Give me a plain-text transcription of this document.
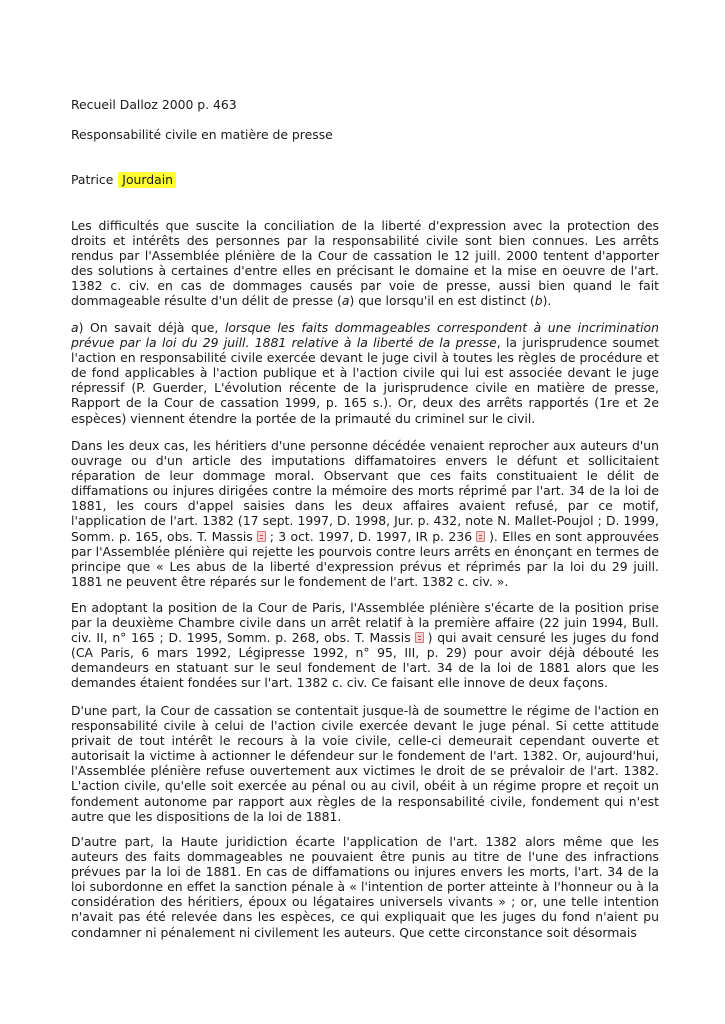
Recueil Dalloz 2000 p. 463
Responsabilité civile en matière de presse
Patrice Jourdain

Les difficultés que suscite la conciliation de la liberté d'expression avec la protection des droits et intérêts des personnes par la responsabilité civile sont bien connues. Les arrêts rendus par l'Assemblée plénière de la Cour de cassation le 12 juill. 2000 tentent d'apporter des solutions à certaines d'entre elles en précisant le domaine et la mise en oeuvre de l'art. 1382 c. civ. en cas de dommages causés par voie de presse, aussi bien quand le fait dommageable résulte d'un délit de presse (a) que lorsqu'il en est distinct (b).

a) On savait déjà que, lorsque les faits dommageables correspondent à une incrimination prévue par la loi du 29 juill. 1881 relative à la liberté de la presse, la jurisprudence soumet l'action en responsabilité civile exercée devant le juge civil à toutes les règles de procédure et de fond applicables à l'action publique et à l'action civile qui lui est associée devant le juge répressif (P. Guerder, L'évolution récente de la jurisprudence civile en matière de presse, Rapport de la Cour de cassation 1999, p. 165 s.). Or, deux des arrêts rapportés (1re et 2e espèces) viennent étendre la portée de la primauté du criminel sur le civil.

Dans les deux cas, les héritiers d'une personne décédée venaient reprocher aux auteurs d'un ouvrage ou d'un article des imputations diffamatoires envers le défunt et sollicitaient réparation de leur dommage moral. Observant que ces faits constituaient le délit de diffamations ou injures dirigées contre la mémoire des morts réprimé par l'art. 34 de la loi de 1881, les cours d'appel saisies dans les deux affaires avaient refusé, par ce motif, l'application de l'art. 1382 (17 sept. 1997, D. 1998, Jur. p. 432, note N. Mallet-Poujol ; D. 1999, Somm. p. 165, obs. T. Massis ; 3 oct. 1997, D. 1997, IR p. 236 ). Elles en sont approuvées par l'Assemblée plénière qui rejette les pourvois contre leurs arrêts en énonçant en termes de principe que « Les abus de la liberté d'expression prévus et réprimés par la loi du 29 juill. 1881 ne peuvent être réparés sur le fondement de l'art. 1382 c. civ. ».

En adoptant la position de la Cour de Paris, l'Assemblée plénière s'écarte de la position prise par la deuxième Chambre civile dans un arrêt relatif à la première affaire (22 juin 1994, Bull. civ. II, n° 165 ; D. 1995, Somm. p. 268, obs. T. Massis ) qui avait censuré les juges du fond (CA Paris, 6 mars 1992, Légipresse 1992, n° 95, III, p. 29) pour avoir déjà débouté les demandeurs en statuant sur le seul fondement de l'art. 34 de la loi de 1881 alors que les demandes étaient fondées sur l'art. 1382 c. civ. Ce faisant elle innove de deux façons.

D'une part, la Cour de cassation se contentait jusque-là de soumettre le régime de l'action en responsabilité civile à celui de l'action civile exercée devant le juge pénal. Si cette attitude privait de tout intérêt le recours à la voie civile, celle-ci demeurait cependant ouverte et autorisait la victime à actionner le défendeur sur le fondement de l'art. 1382. Or, aujourd'hui, l'Assemblée plénière refuse ouvertement aux victimes le droit de se prévaloir de l'art. 1382. L'action civile, qu'elle soit exercée au pénal ou au civil, obéit à un régime propre et reçoit un fondement autonome par rapport aux règles de la responsabilité civile, fondement qui n'est autre que les dispositions de la loi de 1881.

D'autre part, la Haute juridiction écarte l'application de l'art. 1382 alors même que les auteurs des faits dommageables ne pouvaient être punis au titre de l'une des infractions prévues par la loi de 1881. En cas de diffamations ou injures envers les morts, l'art. 34 de la loi subordonne en effet la sanction pénale à « l'intention de porter atteinte à l'honneur ou à la considération des héritiers, époux ou légataires universels vivants » ; or, une telle intention n'avait pas été relevée dans les espèces, ce qui expliquait que les juges du fond n'aient pu condamner ni pénalement ni civilement les auteurs. Que cette circonstance soit désormais
